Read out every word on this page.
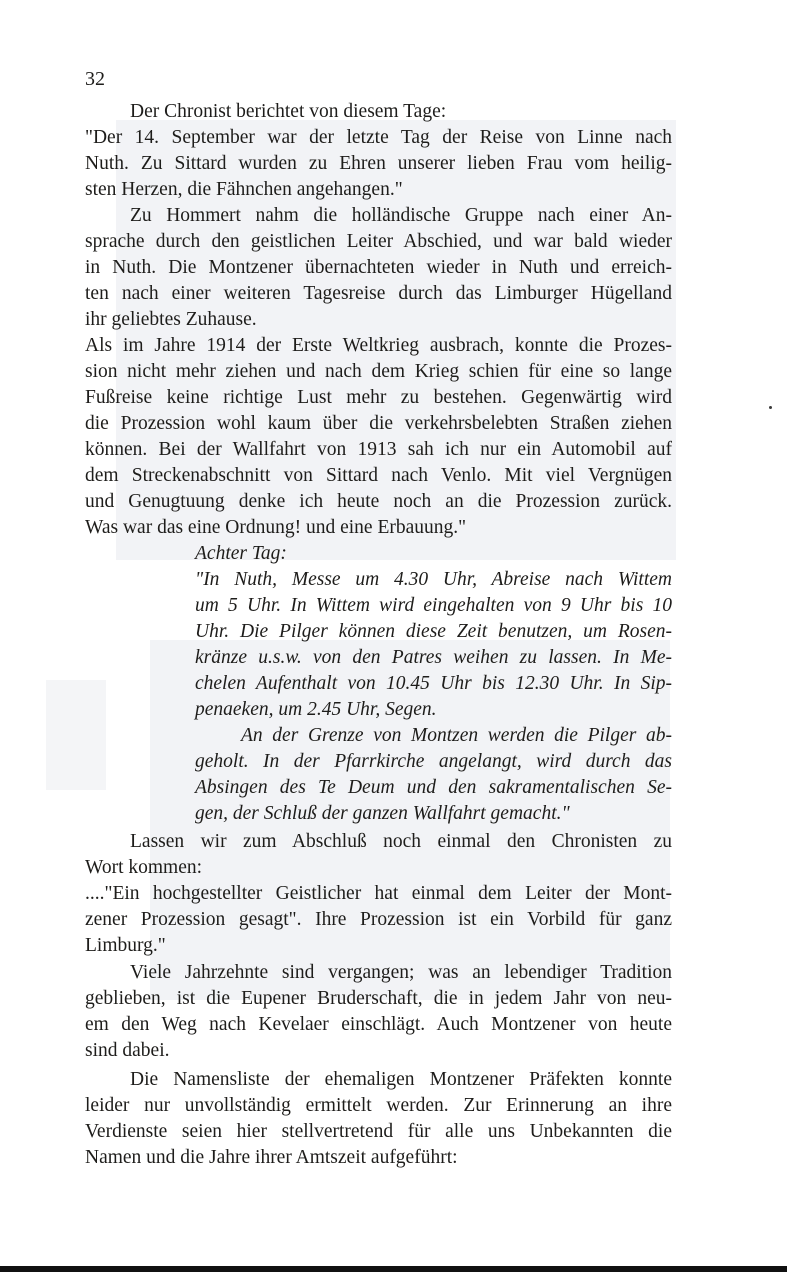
32
Der Chronist berichtet von diesem Tage:
"Der 14. September war der letzte Tag der Reise von Linne nach
Nuth. Zu Sittard wurden zu Ehren unserer lieben Frau vom heilig-
sten Herzen, die Fähnchen angehangen."
Zu Hommert nahm die holländische Gruppe nach einer An-
sprache durch den geistlichen Leiter Abschied, und war bald wieder
in Nuth. Die Montzener übernachteten wieder in Nuth und erreich-
ten nach einer weiteren Tagesreise durch das Limburger Hügelland
ihr geliebtes Zuhause.
Als im Jahre 1914 der Erste Weltkrieg ausbrach, konnte die Prozes-
sion nicht mehr ziehen und nach dem Krieg schien für eine so lange
Fußreise keine richtige Lust mehr zu bestehen. Gegenwärtig wird
die Prozession wohl kaum über die verkehrsbelebten Straßen ziehen
können. Bei der Wallfahrt von 1913 sah ich nur ein Automobil auf
dem Streckenabschnitt von Sittard nach Venlo. Mit viel Vergnügen
und Genugtuung denke ich heute noch an die Prozession zurück.
Was war das eine Ordnung! und eine Erbauung."
Achter Tag:
"In Nuth, Messe um 4.30 Uhr, Abreise nach Wittem
um 5 Uhr. In Wittem wird eingehalten von 9 Uhr bis 10
Uhr. Die Pilger können diese Zeit benutzen, um Rosen-
kränze u.s.w. von den Patres weihen zu lassen. In Me-
chelen Aufenthalt von 10.45 Uhr bis 12.30 Uhr. In Sip-
penaeken, um 2.45 Uhr, Segen.
An der Grenze von Montzen werden die Pilger ab-
geholt. In der Pfarrkirche angelangt, wird durch das
Absingen des Te Deum und den sakramentalischen Se-
gen, der Schluß der ganzen Wallfahrt gemacht."
Lassen wir zum Abschluß noch einmal den Chronisten zu
Wort kommen:
...."Ein hochgestellter Geistlicher hat einmal dem Leiter der Mont-
zener Prozession gesagt". Ihre Prozession ist ein Vorbild für ganz
Limburg."
Viele Jahrzehnte sind vergangen; was an lebendiger Tradition
geblieben, ist die Eupener Bruderschaft, die in jedem Jahr von neu-
em den Weg nach Kevelaer einschlägt. Auch Montzener von heute
sind dabei.
Die Namensliste der ehemaligen Montzener Präfekten konnte
leider nur unvollständig ermittelt werden. Zur Erinnerung an ihre
Verdienste seien hier stellvertretend für alle uns Unbekannten die
Namen und die Jahre ihrer Amtszeit aufgeführt:
